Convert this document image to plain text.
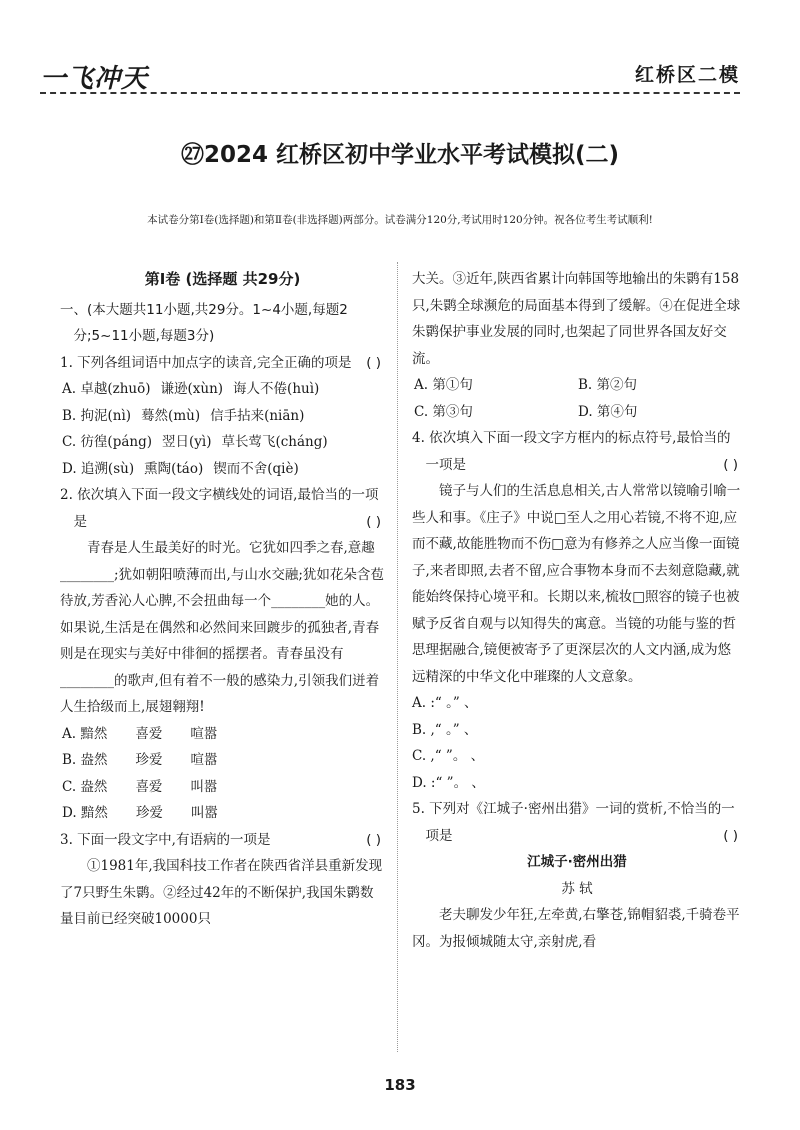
一飞冲天	红桥区二模
㉗2024 红桥区初中学业水平考试模拟(二)
本试卷分第Ⅰ卷(选择题)和第Ⅱ卷(非选择题)两部分。试卷满分120分,考试用时120分钟。祝各位考生考试顺利!

第Ⅰ卷 (选择题 共29分)

一、(本大题共11小题,共29分。1~4小题,每题2分;5~11小题,每题3分)

1. 下列各组词语中加点字的读音,完全正确的项是 ( )

A. 卓越(zhuō) 谦逊(xùn) 诲人不倦(huì)
B. 拘泥(nì) 蓦然(mù) 信手拈来(niān)
C. 彷徨(páng) 翌日(yì) 草长莺飞(cháng)
D. 追溯(sù) 熏陶(táo) 锲而不舍(qiè)

2. 依次填入下面一段文字横线处的词语,最恰当的一项是	( )

青春是人生最美好的时光。它犹如四季之春,意趣________;犹如朝阳喷薄而出,与山水交融;犹如花朵含苞待放,芳香沁人心脾,不会扭曲每一个________她的人。如果说,生活是在偶然和必然间来回踱步的孤独者,青春则是在现实与美好中徘徊的摇摆者。青春虽没有________的歌声,但有着不一般的感染力,引领我们迸着人生拾级而上,展翅翱翔!

A. 黯然 喜爱 喧嚣
B. 盎然 珍爱 喧嚣
C. 盎然 喜爱 叫嚣
D. 黯然 珍爱 叫嚣

3. 下面一段文字中,有语病的一项是	( )

①1981年,我国科技工作者在陕西省洋县重新发现了7只野生朱鹮。②经过42年的不断保护,我国朱鹮数量目前已经突破10000只

大关。③近年,陕西省累计向韩国等地输出的朱鹮有158只,朱鹮全球濒危的局面基本得到了缓解。④在促进全球朱鹮保护事业发展的同时,也架起了同世界各国友好交流。

A. 第①句	B. 第②句
C. 第③句	D. 第④句

4. 依次填入下面一段文字方框内的标点符号,最恰当的一项是	( )

镜子与人们的生活息息相关,古人常常以镜喻引喻一些人和事。《庄子》中说□至人之用心若镜,不将不迎,应而不藏,故能胜物而不伤□意为有修养之人应当像一面镜子,来者即照,去者不留,应合事物本身而不去刻意隐藏,就能始终保持心境平和。长期以来,梳妆□照容的镜子也被赋予反省自观与以知得失的寓意。当镜的功能与鉴的哲思理据融合,镜便被寄予了更深层次的人文内涵,成为悠远精深的中华文化中璀璨的人文意象。

A. :“ 。” 、

B. ,“ 。” 、

C. ,“ ”。 、

D. :“ ”。 、

5. 下列对《江城子·密州出猎》一词的赏析,不恰当的一项是	( )

江城子·密州出猎

苏 轼

老夫聊发少年狂,左牵黄,右擎苍,锦帽貂裘,千骑卷平冈。为报倾城随太守,亲射虎,看

183
